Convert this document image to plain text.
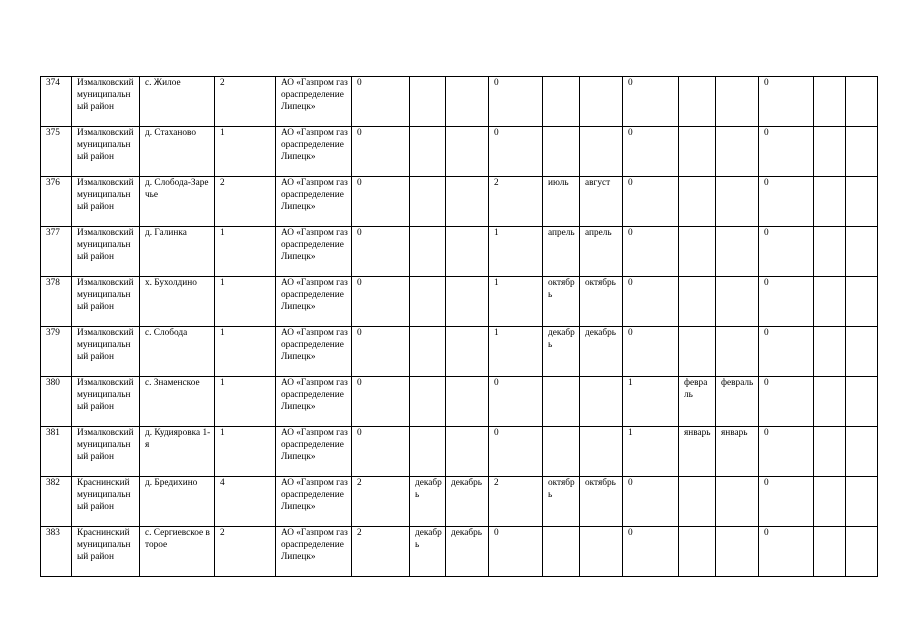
374	Измалковский муниципальный район	с. Жилое	2	АО «Газпром газораспределение Липецк»	0			0			0			0		
375	Измалковский муниципальный район	д. Стаханово	1	АО «Газпром газораспределение Липецк»	0			0			0			0		
376	Измалковский муниципальный район	д. Слобода-Заречье	2	АО «Газпром газораспределение Липецк»	0			2	июль	август	0			0		
377	Измалковский муниципальный район	д. Галинка	1	АО «Газпром газораспределение Липецк»	0			1	апрель	апрель	0			0		
378	Измалковский муниципальный район	х. Бухолдино	1	АО «Газпром газораспределение Липецк»	0			1	октябрь	октябрь	0			0		
379	Измалковский муниципальный район	с. Слобода	1	АО «Газпром газораспределение Липецк»	0			1	декабрь	декабрь	0			0		
380	Измалковский муниципальный район	с. Знаменское	1	АО «Газпром газораспределение Липецк»	0			0			1	февраль	февраль	0		
381	Измалковский муниципальный район	д. Кудияровка 1-я	1	АО «Газпром газораспределение Липецк»	0			0			1	январь	январь	0		
382	Краснинский муниципальный район	д. Бредихино	4	АО «Газпром газораспределение Липецк»	2	декабрь	декабрь	2	октябрь	октябрь	0			0		
383	Краснинский муниципальный район	с. Сергиевское второе	2	АО «Газпром газораспределение Липецк»	2	декабрь	декабрь	0			0			0		
